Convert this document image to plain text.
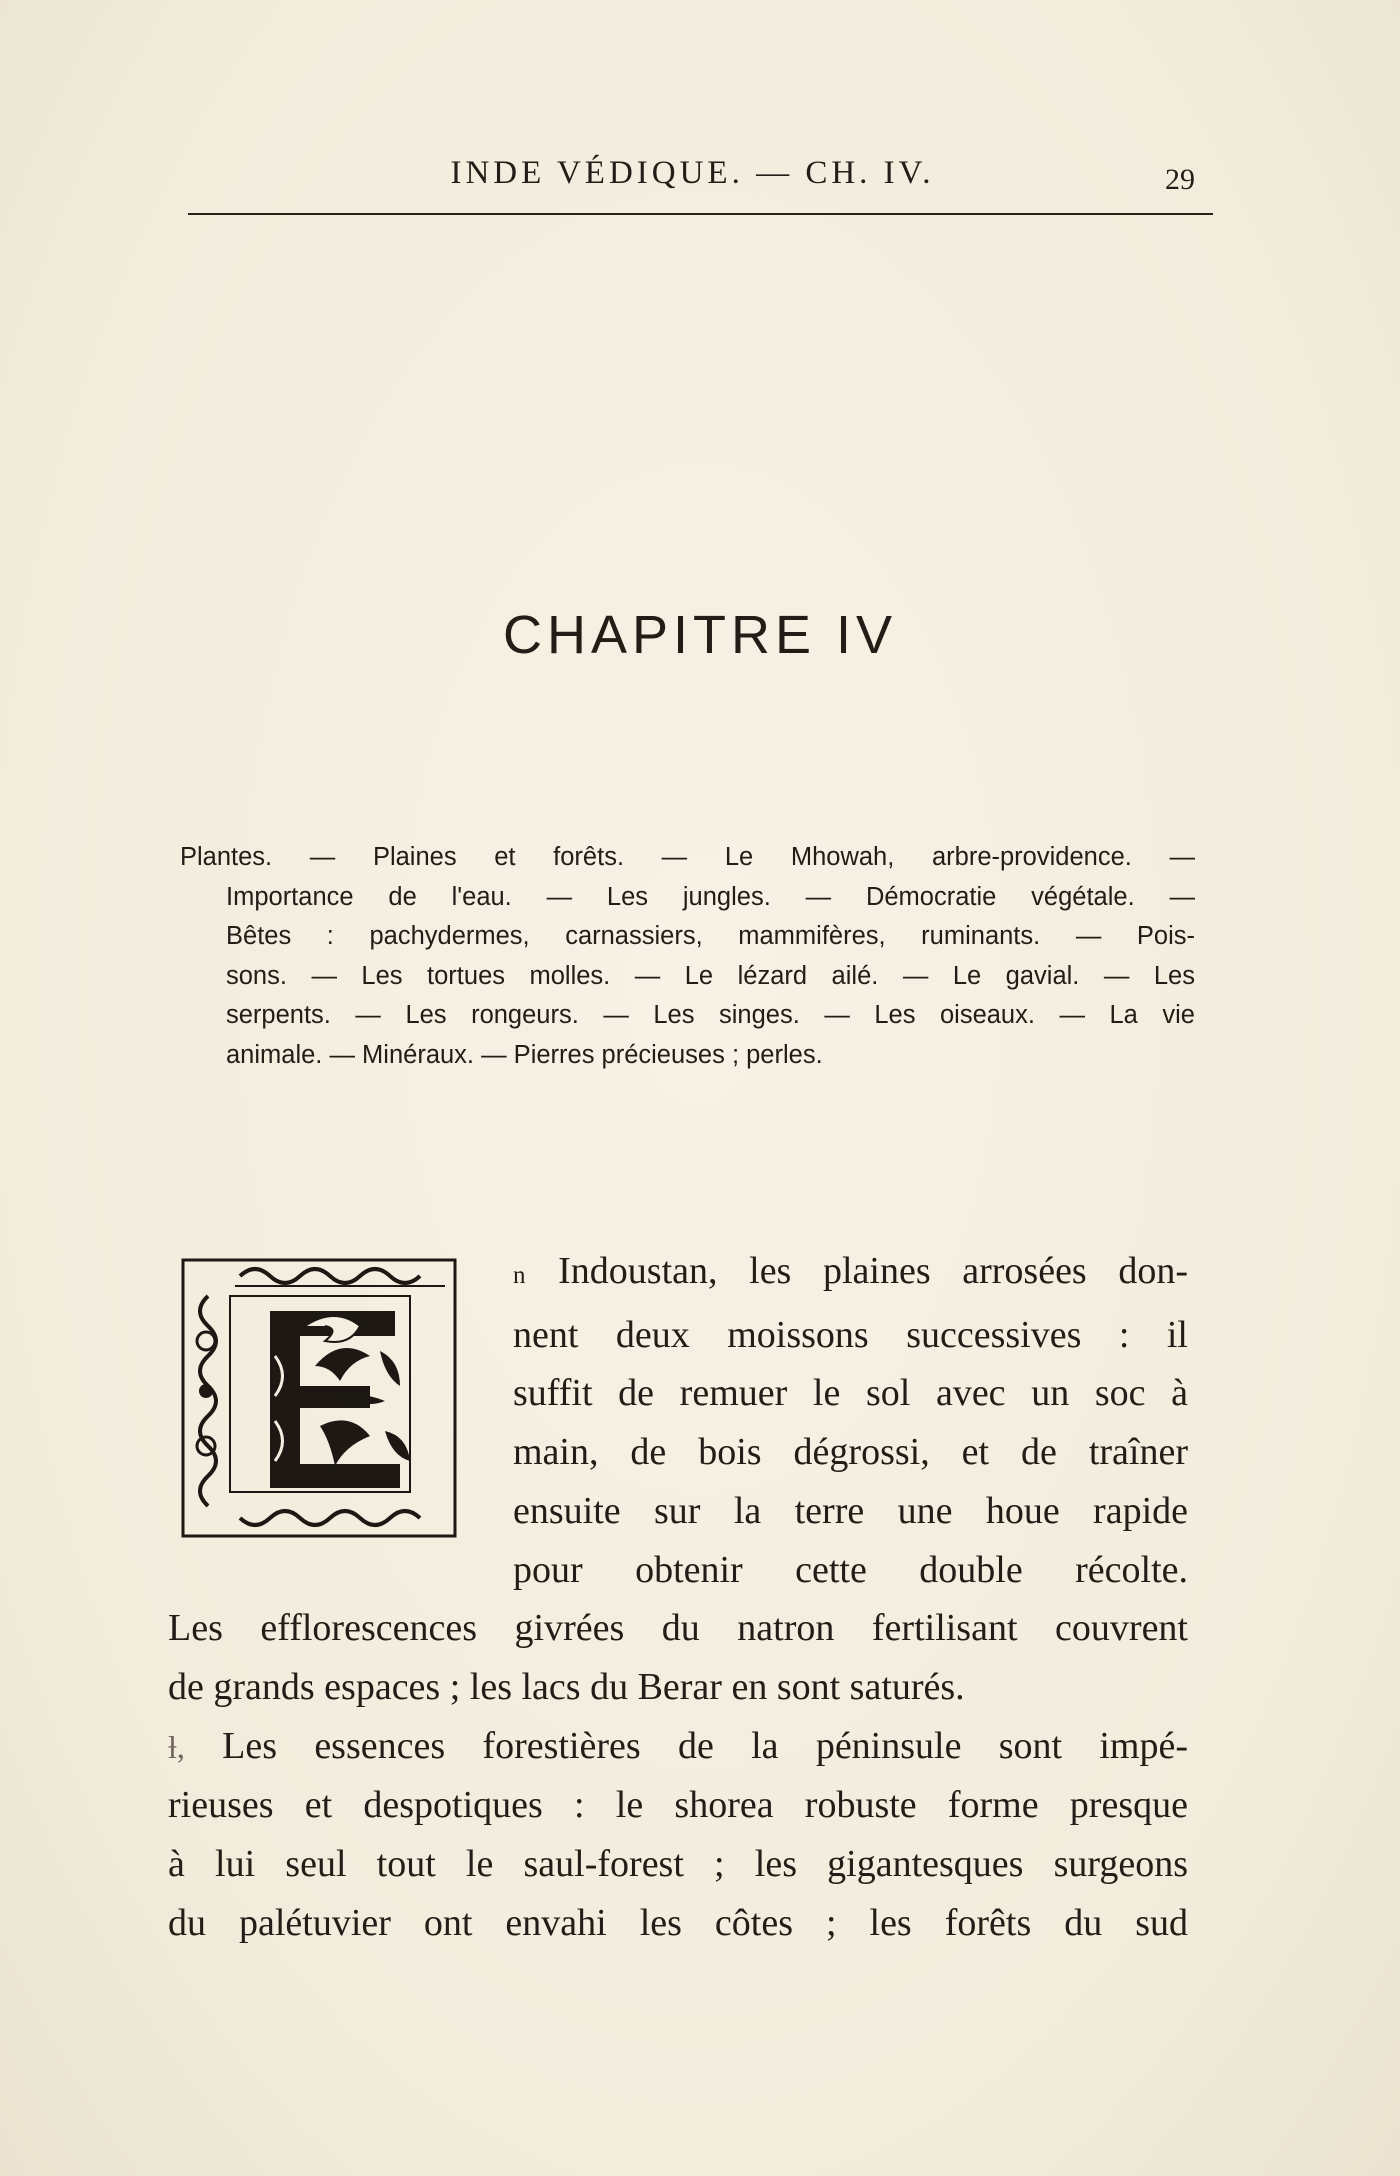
INDE VÉDIQUE. — CH. IV.	29
CHAPITRE IV
Plantes. — Plaines et forêts. — Le Mhowah, arbre-providence. —
Importance de l'eau. — Les jungles. — Démocratie végétale. —
Bêtes : pachydermes, carnassiers, mammifères, ruminants. — Pois-
sons. — Les tortues molles. — Le lézard ailé. — Le gavial. — Les
serpents. — Les rongeurs. — Les singes. — Les oiseaux. — La vie
animale. — Minéraux. — Pierres précieuses ; perles.
n Indoustan, les plaines arrosées don-
nent deux moissons successives : il
suffit de remuer le sol avec un soc à
main, de bois dégrossi, et de traîner
ensuite sur la terre une houe rapide
pour obtenir cette double récolte.
Les efflorescences givrées du natron fertilisant couvrent
de grands espaces ; les lacs du Berar en sont saturés.
ƚ, Les essences forestières de la péninsule sont impé-
rieuses et despotiques : le shorea robuste forme presque
à lui seul tout le saul-forest ; les gigantesques surgeons
du palétuvier ont envahi les côtes ; les forêts du sud
